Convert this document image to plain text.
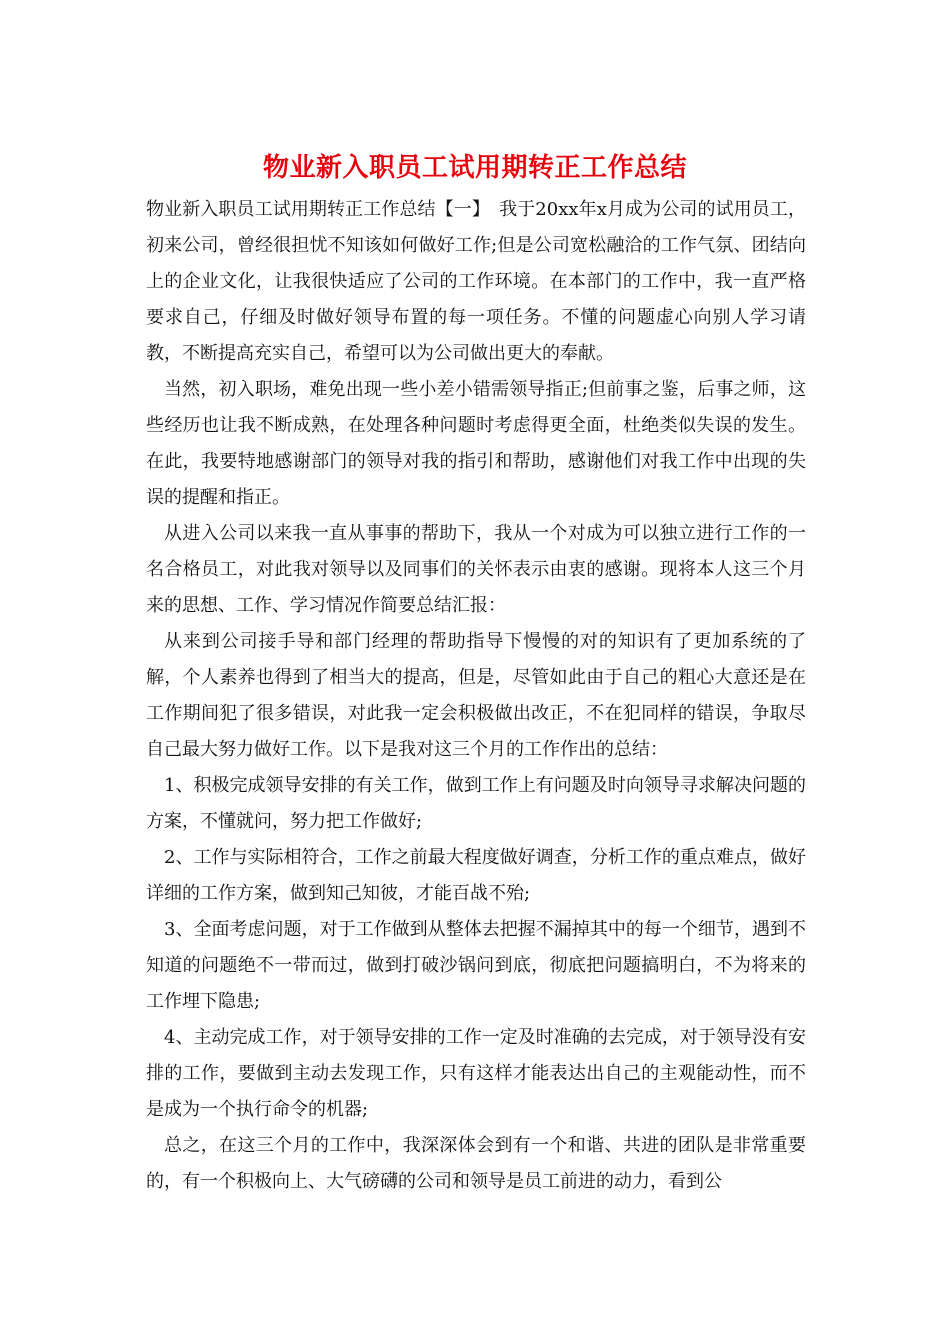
物业新入职员工试用期转正工作总结

物业新入职员工试用期转正工作总结【一】　我于20xx年x月成为公司的试用员工，初来公司，曾经很担忧不知该如何做好工作;但是公司宽松融洽的工作气氛、团结向上的企业文化，让我很快适应了公司的工作环境。在本部门的工作中，我一直严格要求自己，仔细及时做好领导布置的每一项任务。不懂的问题虚心向别人学习请教，不断提高充实自己，希望可以为公司做出更大的奉献。

当然，初入职场，难免出现一些小差小错需领导指正;但前事之鉴，后事之师，这些经历也让我不断成熟，在处理各种问题时考虑得更全面，杜绝类似失误的发生。在此，我要特地感谢部门的领导对我的指引和帮助，感谢他们对我工作中出现的失误的提醒和指正。

从进入公司以来我一直从事事的帮助下，我从一个对成为可以独立进行工作的一名合格员工，对此我对领导以及同事们的关怀表示由衷的感谢。现将本人这三个月来的思想、工作、学习情况作简要总结汇报：

从来到公司接手导和部门经理的帮助指导下慢慢的对的知识有了更加系统的了解，个人素养也得到了相当大的提高，但是，尽管如此由于自己的粗心大意还是在工作期间犯了很多错误，对此我一定会积极做出改正，不在犯同样的错误，争取尽自己最大努力做好工作。以下是我对这三个月的工作作出的总结：

1、积极完成领导安排的有关工作，做到工作上有问题及时向领导寻求解决问题的方案，不懂就问，努力把工作做好;

2、工作与实际相符合，工作之前最大程度做好调查，分析工作的重点难点，做好详细的工作方案，做到知己知彼，才能百战不殆;

3、全面考虑问题，对于工作做到从整体去把握不漏掉其中的每一个细节，遇到不知道的问题绝不一带而过，做到打破沙锅问到底，彻底把问题搞明白，不为将来的工作埋下隐患;

4、主动完成工作，对于领导安排的工作一定及时准确的去完成，对于领导没有安排的工作，要做到主动去发现工作，只有这样才能表达出自己的主观能动性，而不是成为一个执行命令的机器;

总之，在这三个月的工作中，我深深体会到有一个和谐、共进的团队是非常重要的，有一个积极向上、大气磅礴的公司和领导是员工前进的动力，看到公
